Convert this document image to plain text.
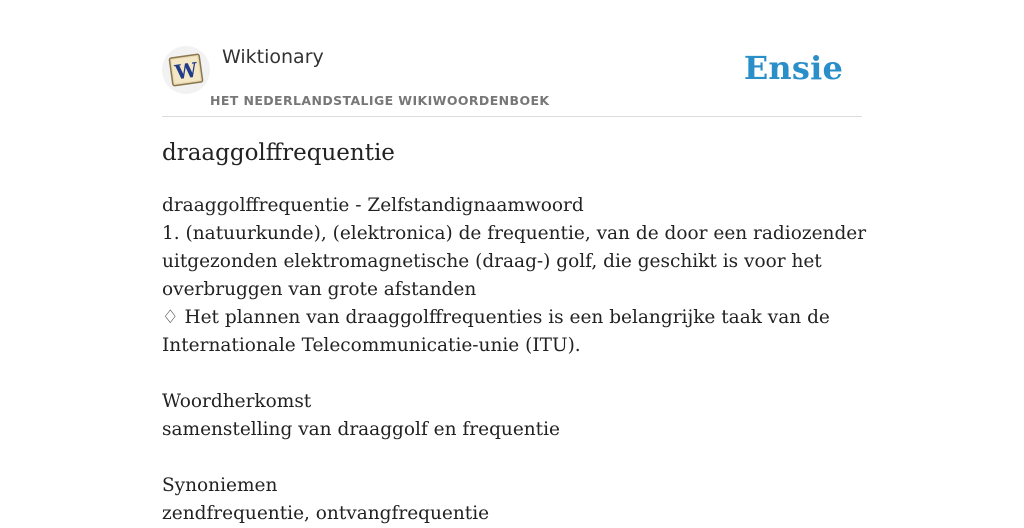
W
Wiktionary
HET NEDERLANDSTALIGE WIKIWOORDENBOEK
Ensie
draaggolffrequentie
draaggolffrequentie - Zelfstandignaamwoord
1. (natuurkunde), (elektronica) de frequentie, van de door een radiozender
uitgezonden elektromagnetische (draag-) golf, die geschikt is voor het
overbruggen van grote afstanden
♢ Het plannen van draaggolffrequenties is een belangrijke taak van de
Internationale Telecommunicatie-unie (ITU).
Woordherkomst
samenstelling van draaggolf en frequentie
Synoniemen
zendfrequentie, ontvangfrequentie
